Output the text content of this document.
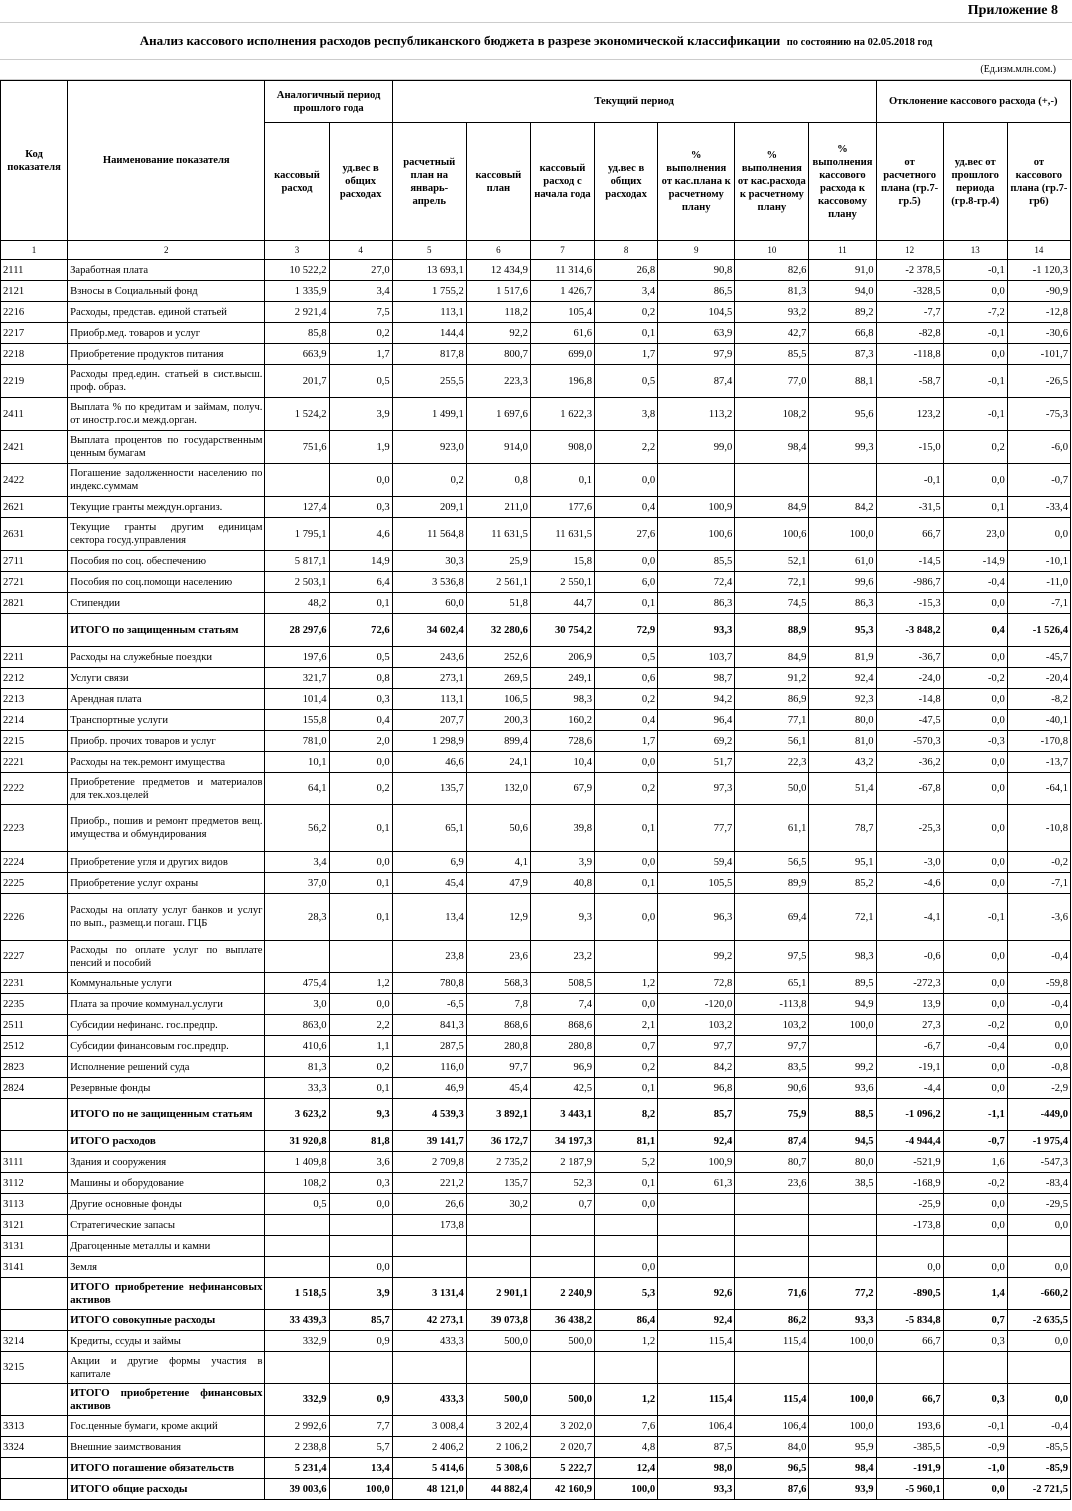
Приложение 8
Анализ кассового исполнения расходов республиканского бюджета в разрезе экономической классификации по состоянию на 02.05.2018 год
(Ед.изм.млн.сом.)
Код показателя	Наименование показателя	Аналогичный период прошлого года		Текущий период							Отклонение кассового расхода (+,-)		
		кассовый расход	уд.вес в общих расходах	расчетный план на январь-апрель	кассовый план	кассовый расход с начала года	уд.вес в общих расходах	% выполнения от кас.плана к расчетному плану	% выполнения от кас.расхода к расчетному плану	% выполнения кассового расхода к кассовому плану	от расчетного плана (гр.7-гр.5)	уд.вес от прошлого периода (гр.8-гр.4)	от кассового плана (гр.7-гр6)
1	2	3	4	5	6	7	8	9	10	11	12	13	14
2111	Заработная плата	10 522,2	27,0	13 693,1	12 434,9	11 314,6	26,8	90,8	82,6	91,0	-2 378,5	-0,1	-1 120,3
2121	Взносы в Социальный фонд	1 335,9	3,4	1 755,2	1 517,6	1 426,7	3,4	86,5	81,3	94,0	-328,5	0,0	-90,9
2216	Расходы, представ. единой статьей	2 921,4	7,5	113,1	118,2	105,4	0,2	104,5	93,2	89,2	-7,7	-7,2	-12,8
2217	Приобр.мед. товаров и услуг	85,8	0,2	144,4	92,2	61,6	0,1	63,9	42,7	66,8	-82,8	-0,1	-30,6
2218	Приобретение продуктов питания	663,9	1,7	817,8	800,7	699,0	1,7	97,9	85,5	87,3	-118,8	0,0	-101,7
2219	Расходы пред.един. статьей в сист.высш. проф. образ.	201,7	0,5	255,5	223,3	196,8	0,5	87,4	77,0	88,1	-58,7	-0,1	-26,5
2411	Выплата % по кредитам и займам, получ. от иностр.гос.и межд.орган.	1 524,2	3,9	1 499,1	1 697,6	1 622,3	3,8	113,2	108,2	95,6	123,2	-0,1	-75,3
2421	Выплата процентов по государственным ценным бумагам	751,6	1,9	923,0	914,0	908,0	2,2	99,0	98,4	99,3	-15,0	0,2	-6,0
2422	Погашение задолженности населению по индекс.суммам		0,0	0,2	0,8	0,1	0,0				-0,1	0,0	-0,7
2621	Текущие гранты междун.организ.	127,4	0,3	209,1	211,0	177,6	0,4	100,9	84,9	84,2	-31,5	0,1	-33,4
2631	Текущие гранты другим единицам сектора госуд.управления	1 795,1	4,6	11 564,8	11 631,5	11 631,5	27,6	100,6	100,6	100,0	66,7	23,0	0,0
2711	Пособия по соц. обеспечению	5 817,1	14,9	30,3	25,9	15,8	0,0	85,5	52,1	61,0	-14,5	-14,9	-10,1
2721	Пособия по соц.помощи населению	2 503,1	6,4	3 536,8	2 561,1	2 550,1	6,0	72,4	72,1	99,6	-986,7	-0,4	-11,0
2821	Стипендии	48,2	0,1	60,0	51,8	44,7	0,1	86,3	74,5	86,3	-15,3	0,0	-7,1
	ИТОГО по защищенным статьям	28 297,6	72,6	34 602,4	32 280,6	30 754,2	72,9	93,3	88,9	95,3	-3 848,2	0,4	-1 526,4
2211	Расходы на служебные поездки	197,6	0,5	243,6	252,6	206,9	0,5	103,7	84,9	81,9	-36,7	0,0	-45,7
2212	Услуги связи	321,7	0,8	273,1	269,5	249,1	0,6	98,7	91,2	92,4	-24,0	-0,2	-20,4
2213	Арендная плата	101,4	0,3	113,1	106,5	98,3	0,2	94,2	86,9	92,3	-14,8	0,0	-8,2
2214	Транспортные услуги	155,8	0,4	207,7	200,3	160,2	0,4	96,4	77,1	80,0	-47,5	0,0	-40,1
2215	Приобр. прочих товаров и услуг	781,0	2,0	1 298,9	899,4	728,6	1,7	69,2	56,1	81,0	-570,3	-0,3	-170,8
2221	Расходы на тек.ремонт имущества	10,1	0,0	46,6	24,1	10,4	0,0	51,7	22,3	43,2	-36,2	0,0	-13,7
2222	Приобретение предметов и материалов для тек.хоз.целей	64,1	0,2	135,7	132,0	67,9	0,2	97,3	50,0	51,4	-67,8	0,0	-64,1
2223	Приобр., пошив и ремонт предметов вещ. имущества и обмундирования	56,2	0,1	65,1	50,6	39,8	0,1	77,7	61,1	78,7	-25,3	0,0	-10,8
2224	Приобретение угля и других видов	3,4	0,0	6,9	4,1	3,9	0,0	59,4	56,5	95,1	-3,0	0,0	-0,2
2225	Приобретение услуг охраны	37,0	0,1	45,4	47,9	40,8	0,1	105,5	89,9	85,2	-4,6	0,0	-7,1
2226	Расходы на оплату услуг банков и услуг по вып., размещ.и погаш. ГЦБ	28,3	0,1	13,4	12,9	9,3	0,0	96,3	69,4	72,1	-4,1	-0,1	-3,6
2227	Расходы по оплате услуг по выплате пенсий и пособий			23,8	23,6	23,2		99,2	97,5	98,3	-0,6	0,0	-0,4
2231	Коммунальные услуги	475,4	1,2	780,8	568,3	508,5	1,2	72,8	65,1	89,5	-272,3	0,0	-59,8
2235	Плата за прочие коммунал.услуги	3,0	0,0	-6,5	7,8	7,4	0,0	-120,0	-113,8	94,9	13,9	0,0	-0,4
2511	Субсидии нефинанс. гос.предпр.	863,0	2,2	841,3	868,6	868,6	2,1	103,2	103,2	100,0	27,3	-0,2	0,0
2512	Субсидии финансовым гос.предпр.	410,6	1,1	287,5	280,8	280,8	0,7	97,7	97,7		-6,7	-0,4	0,0
2823	Исполнение решений суда	81,3	0,2	116,0	97,7	96,9	0,2	84,2	83,5	99,2	-19,1	0,0	-0,8
2824	Резервные фонды	33,3	0,1	46,9	45,4	42,5	0,1	96,8	90,6	93,6	-4,4	0,0	-2,9
	ИТОГО по не защищенным статьям	3 623,2	9,3	4 539,3	3 892,1	3 443,1	8,2	85,7	75,9	88,5	-1 096,2	-1,1	-449,0
	ИТОГО расходов	31 920,8	81,8	39 141,7	36 172,7	34 197,3	81,1	92,4	87,4	94,5	-4 944,4	-0,7	-1 975,4
3111	Здания и сооружения	1 409,8	3,6	2 709,8	2 735,2	2 187,9	5,2	100,9	80,7	80,0	-521,9	1,6	-547,3
3112	Машины и оборудование	108,2	0,3	221,2	135,7	52,3	0,1	61,3	23,6	38,5	-168,9	-0,2	-83,4
3113	Другие основные фонды	0,5	0,0	26,6	30,2	0,7	0,0				-25,9	0,0	-29,5
3121	Стратегические запасы			173,8							-173,8	0,0	0,0
3131	Драгоценные металлы и камни												
3141	Земля		0,0				0,0				0,0	0,0	0,0
	ИТОГО приобретение нефинансовых активов	1 518,5	3,9	3 131,4	2 901,1	2 240,9	5,3	92,6	71,6	77,2	-890,5	1,4	-660,2
	ИТОГО совокупные расходы	33 439,3	85,7	42 273,1	39 073,8	36 438,2	86,4	92,4	86,2	93,3	-5 834,8	0,7	-2 635,5
3214	Кредиты, ссуды и займы	332,9	0,9	433,3	500,0	500,0	1,2	115,4	115,4	100,0	66,7	0,3	0,0
3215	Акции и другие формы участия в капитале												
	ИТОГО приобретение финансовых активов	332,9	0,9	433,3	500,0	500,0	1,2	115,4	115,4	100,0	66,7	0,3	0,0
3313	Гос.ценные бумаги, кроме акций	2 992,6	7,7	3 008,4	3 202,4	3 202,0	7,6	106,4	106,4	100,0	193,6	-0,1	-0,4
3324	Внешние заимствования	2 238,8	5,7	2 406,2	2 106,2	2 020,7	4,8	87,5	84,0	95,9	-385,5	-0,9	-85,5
	ИТОГО погашение обязательств	5 231,4	13,4	5 414,6	5 308,6	5 222,7	12,4	98,0	96,5	98,4	-191,9	-1,0	-85,9
	ИТОГО общие расходы	39 003,6	100,0	48 121,0	44 882,4	42 160,9	100,0	93,3	87,6	93,9	-5 960,1	0,0	-2 721,5
